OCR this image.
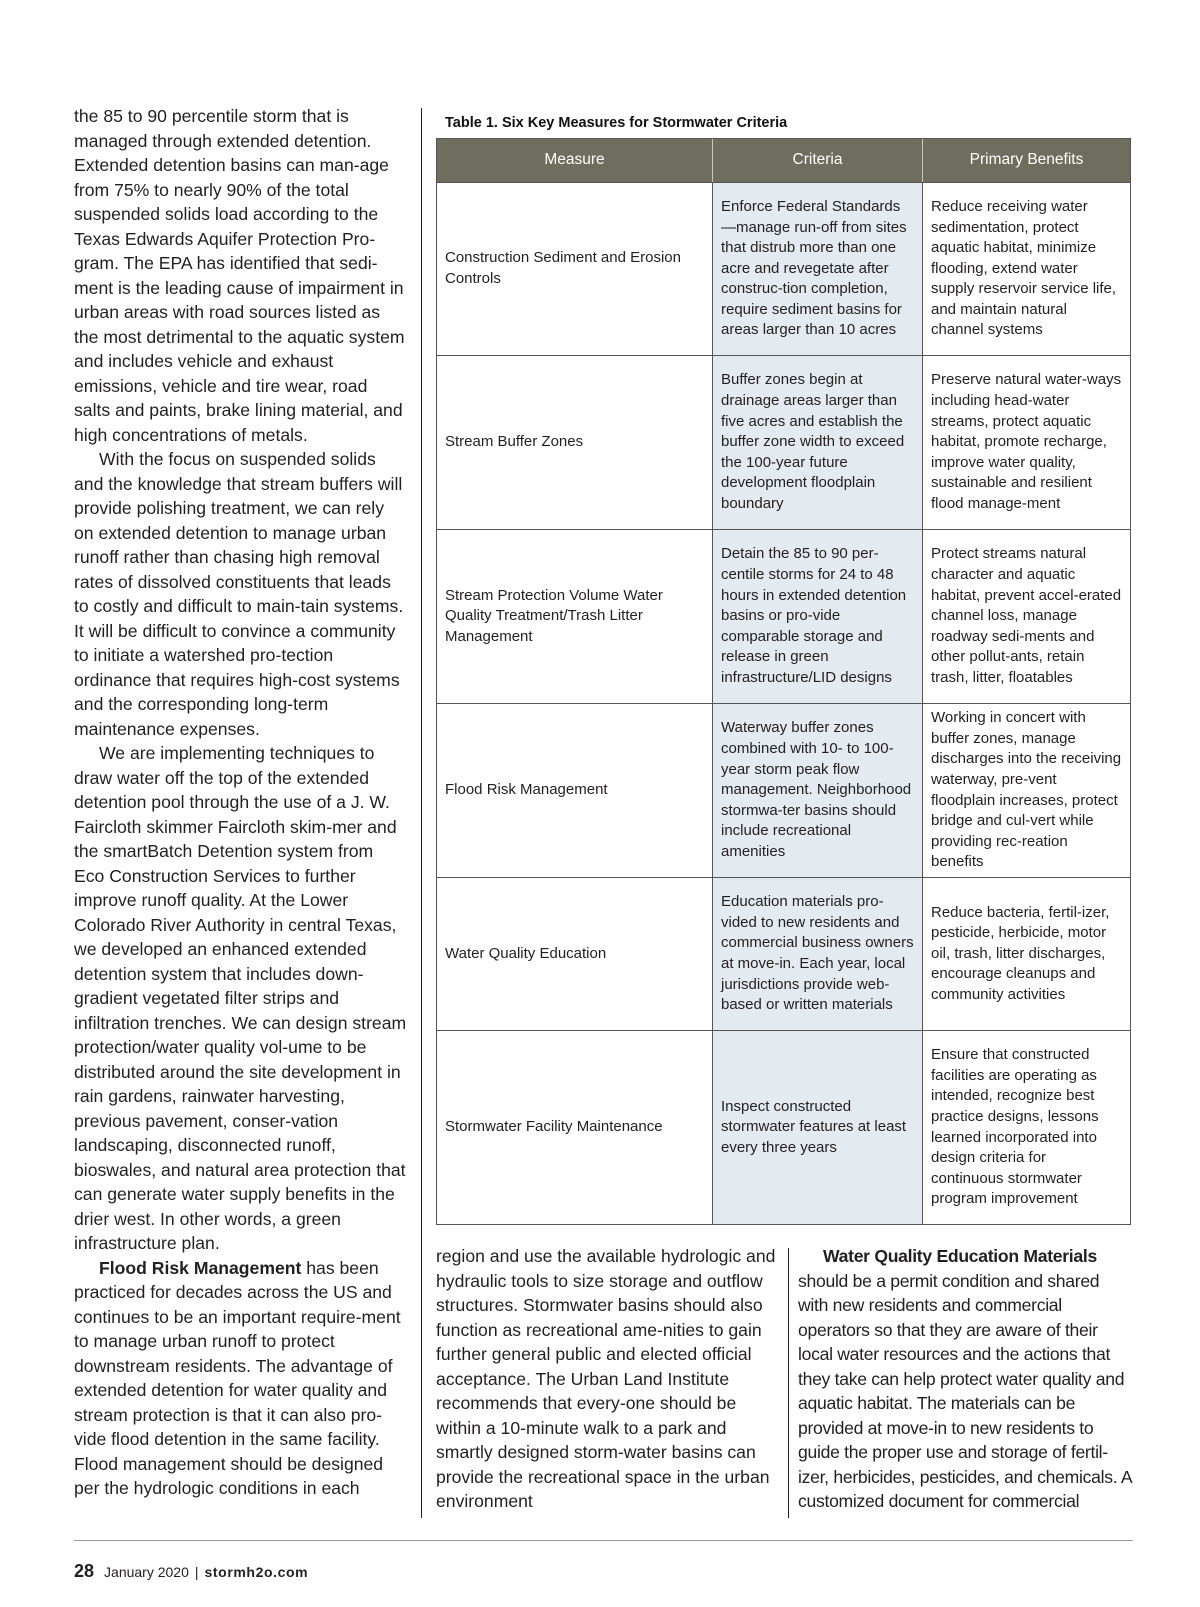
the 85 to 90 percentile storm that is managed through extended detention. Extended detention basins can man-age from 75% to nearly 90% of the total suspended solids load according to the Texas Edwards Aquifer Protection Pro-gram. The EPA has identified that sedi-ment is the leading cause of impairment in urban areas with road sources listed as the most detrimental to the aquatic system and includes vehicle and exhaust emissions, vehicle and tire wear, road salts and paints, brake lining material, and high concentrations of metals.

With the focus on suspended solids and the knowledge that stream buffers will provide polishing treatment, we can rely on extended detention to manage urban runoff rather than chasing high removal rates of dissolved constituents that leads to costly and difficult to main-tain systems. It will be difficult to convince a community to initiate a watershed pro-tection ordinance that requires high-cost systems and the corresponding long-term maintenance expenses.

We are implementing techniques to draw water off the top of the extended detention pool through the use of a J. W. Faircloth skimmer Faircloth skim-mer and the smartBatch Detention system from Eco Construction Services to further improve runoff quality. At the Lower Colorado River Authority in central Texas, we developed an enhanced extended detention system that includes down-gradient vegetated filter strips and infiltration trenches. We can design stream protection/water quality vol-ume to be distributed around the site development in rain gardens, rainwater harvesting, previous pavement, conser-vation landscaping, disconnected runoff, bioswales, and natural area protection that can generate water supply benefits in the drier west. In other words, a green infrastructure plan.

Flood Risk Management has been practiced for decades across the US and continues to be an important require-ment to manage urban runoff to protect downstream residents. The advantage of extended detention for water quality and stream protection is that it can also pro-vide flood detention in the same facility. Flood management should be designed per the hydrologic conditions in each

Table 1. Six Key Measures for Stormwater Criteria
Measure	Criteria	Primary Benefits
Construction Sediment and Erosion Controls
Enforce Federal Standards—manage run-off from sites that distrub more than one acre and revegetate after construc-tion completion, require sediment basins for areas larger than 10 acres
Reduce receiving water sedimentation, protect aquatic habitat, minimize flooding, extend water supply reservoir service life, and maintain natural channel systems
Stream Buffer Zones
Buffer zones begin at drainage areas larger than five acres and establish the buffer zone width to exceed the 100-year future development floodplain boundary
Preserve natural water-ways including head-water streams, protect aquatic habitat, promote recharge, improve water quality, sustainable and resilient flood manage-ment
Stream Protection Volume Water Quality Treatment/Trash Litter Management
Detain the 85 to 90 per-centile storms for 24 to 48 hours in extended detention basins or pro-vide comparable storage and release in green infrastructure/LID designs
Protect streams natural character and aquatic habitat, prevent accel-erated channel loss, manage roadway sedi-ments and other pollut-ants, retain trash, litter, floatables
Flood Risk Management
Waterway buffer zones combined with 10- to 100-year storm peak flow management. Neighborhood stormwa-ter basins should include recreational amenities
Working in concert with buffer zones, manage discharges into the receiving waterway, pre-vent floodplain increases, protect bridge and cul-vert while providing rec-reation benefits
Water Quality Education
Education materials pro-vided to new residents and commercial business owners at move-in. Each year, local jurisdictions provide web- based or written materials
Reduce bacteria, fertil-izer, pesticide, herbicide, motor oil, trash, litter discharges, encourage cleanups and community activities
Stormwater Facility Maintenance
Inspect constructed stormwater features at least every three years
Ensure that constructed facilities are operating as intended, recognize best practice designs, lessons learned incorporated into design criteria for continuous stormwater program improvement

region and use the available hydrologic and hydraulic tools to size storage and outflow structures. Stormwater basins should also function as recreational ame-nities to gain further general public and elected official acceptance. The Urban Land Institute recommends that every-one should be within a 10-minute walk to a park and smartly designed storm-water basins can provide the recreational space in the urban environment

Water Quality Education Materials should be a permit condition and shared with new residents and commercial operators so that they are aware of their local water resources and the actions that they take can help protect water quality and aquatic habitat. The materials can be provided at move-in to new residents to guide the proper use and storage of fertil-izer, herbicides, pesticides, and chemicals. A customized document for commercial

28 January 2020 | stormh2o.com
